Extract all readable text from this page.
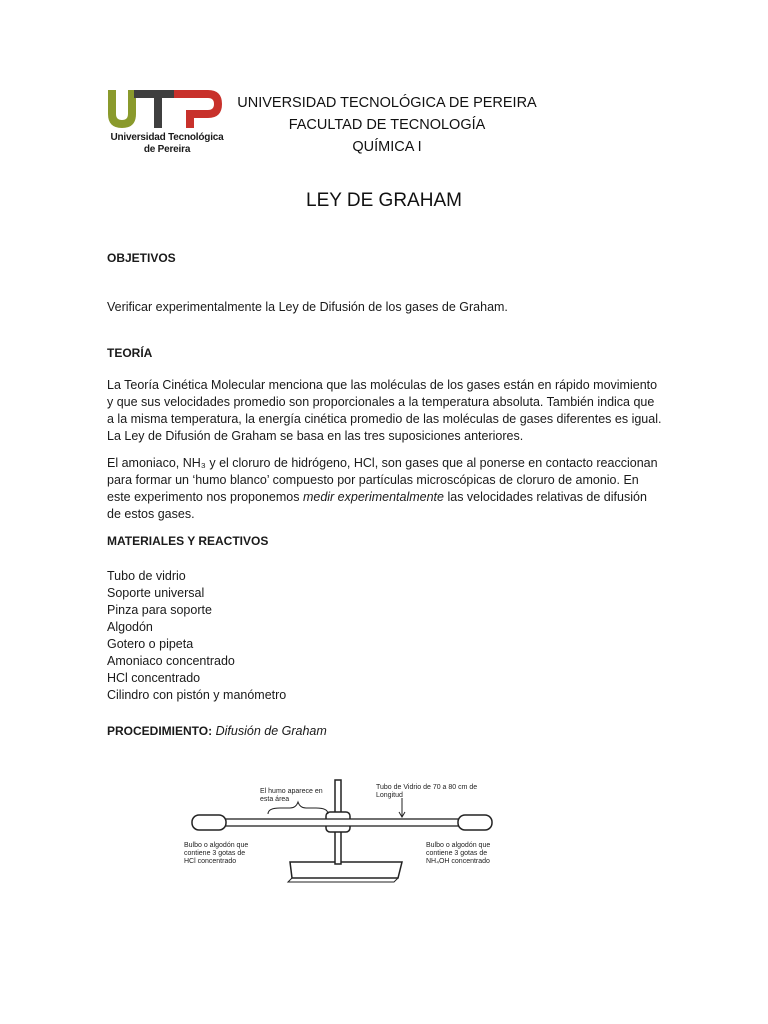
Universidad Tecnológica
de Pereira
UNIVERSIDAD TECNOLÓGICA DE PEREIRA
FACULTAD DE TECNOLOGÍA
QUÍMICA I
LEY DE GRAHAM
OBJETIVOS

Verificar experimentalmente la Ley de Difusión de los gases de Graham.

TEORÍA
La Teoría Cinética Molecular menciona que las moléculas de los gases están en rápido movimiento
y que sus velocidades promedio son proporcionales a la temperatura absoluta. También indica que
a la misma temperatura, la energía cinética promedio de las moléculas de gases diferentes es igual.
La Ley de Difusión de Graham se basa en las tres suposiciones anteriores.
El amoniaco, NH₃ y el cloruro de hidrógeno, HCl, son gases que al ponerse en contacto reaccionan
para formar un ‘humo blanco’ compuesto por partículas microscópicas de cloruro de amonio. En
este experimento nos proponemos medir experimentalmente las velocidades relativas de difusión
de estos gases.
MATERIALES Y REACTIVOS
Tubo de vidrio
Soporte universal
Pinza para soporte
Algodón
Gotero o pipeta
Amoniaco concentrado
HCl concentrado
Cilindro con pistón y manómetro
PROCEDIMIENTO: Difusión de Graham
El humo aparece en
esta área
Tubo de Vidrio de 70 a 80 cm de
Longitud
Bulbo o algodón que
contiene 3 gotas de
HCl concentrado
Bulbo o algodón que
contiene 3 gotas de
NH₄OH concentrado
